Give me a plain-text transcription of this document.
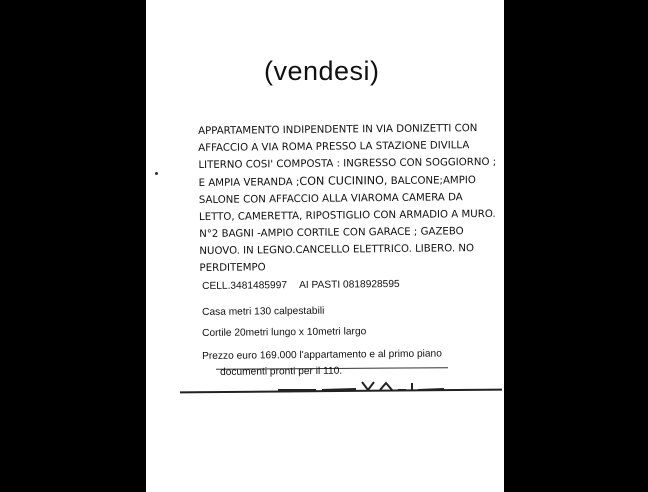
(vendesi)

APPARTAMENTO INDIPENDENTE IN VIA DONIZETTI CON
AFFACCIO A VIA ROMA PRESSO LA STAZIONE DIVILLA
LITERNO COSI' COMPOSTA : INGRESSO CON SOGGIORNO ;
E AMPIA VERANDA ;CON CUCININO, BALCONE;AMPIO
SALONE CON AFFACCIO ALLA VIAROMA CAMERA DA
LETTO, CAMERETTA, RIPOSTIGLIO CON ARMADIO A MURO.
N°2 BAGNI -AMPIO CORTILE CON GARACE ; GAZEBO
NUOVO. IN LEGNO.CANCELLO ELETTRICO. LIBERO. NO
PERDITEMPO

CELL.3481485997 AI PASTI 0818928595
Casa metri 130 calpestabili
Cortile 20metri lungo x 10metri largo
Prezzo euro 169.000 l'appartamento e al primo piano
documenti pronti per il 110.
